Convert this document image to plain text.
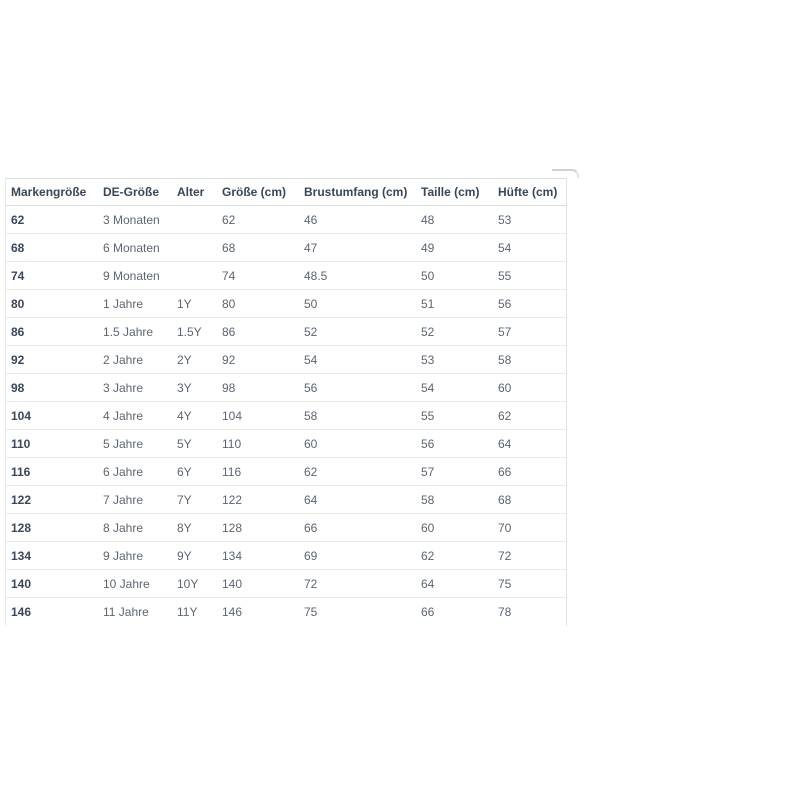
Markengröße	DE-Größe	Alter	Größe (cm)	Brustumfang (cm)	Taille (cm)	Hüfte (cm)
62	3 Monaten		62	46	48	53
68	6 Monaten		68	47	49	54
74	9 Monaten		74	48.5	50	55
80	1 Jahre	1Y	80	50	51	56
86	1.5 Jahre	1.5Y	86	52	52	57
92	2 Jahre	2Y	92	54	53	58
98	3 Jahre	3Y	98	56	54	60
104	4 Jahre	4Y	104	58	55	62
110	5 Jahre	5Y	110	60	56	64
116	6 Jahre	6Y	116	62	57	66
122	7 Jahre	7Y	122	64	58	68
128	8 Jahre	8Y	128	66	60	70
134	9 Jahre	9Y	134	69	62	72
140	10 Jahre	10Y	140	72	64	75
146	11 Jahre	11Y	146	75	66	78
